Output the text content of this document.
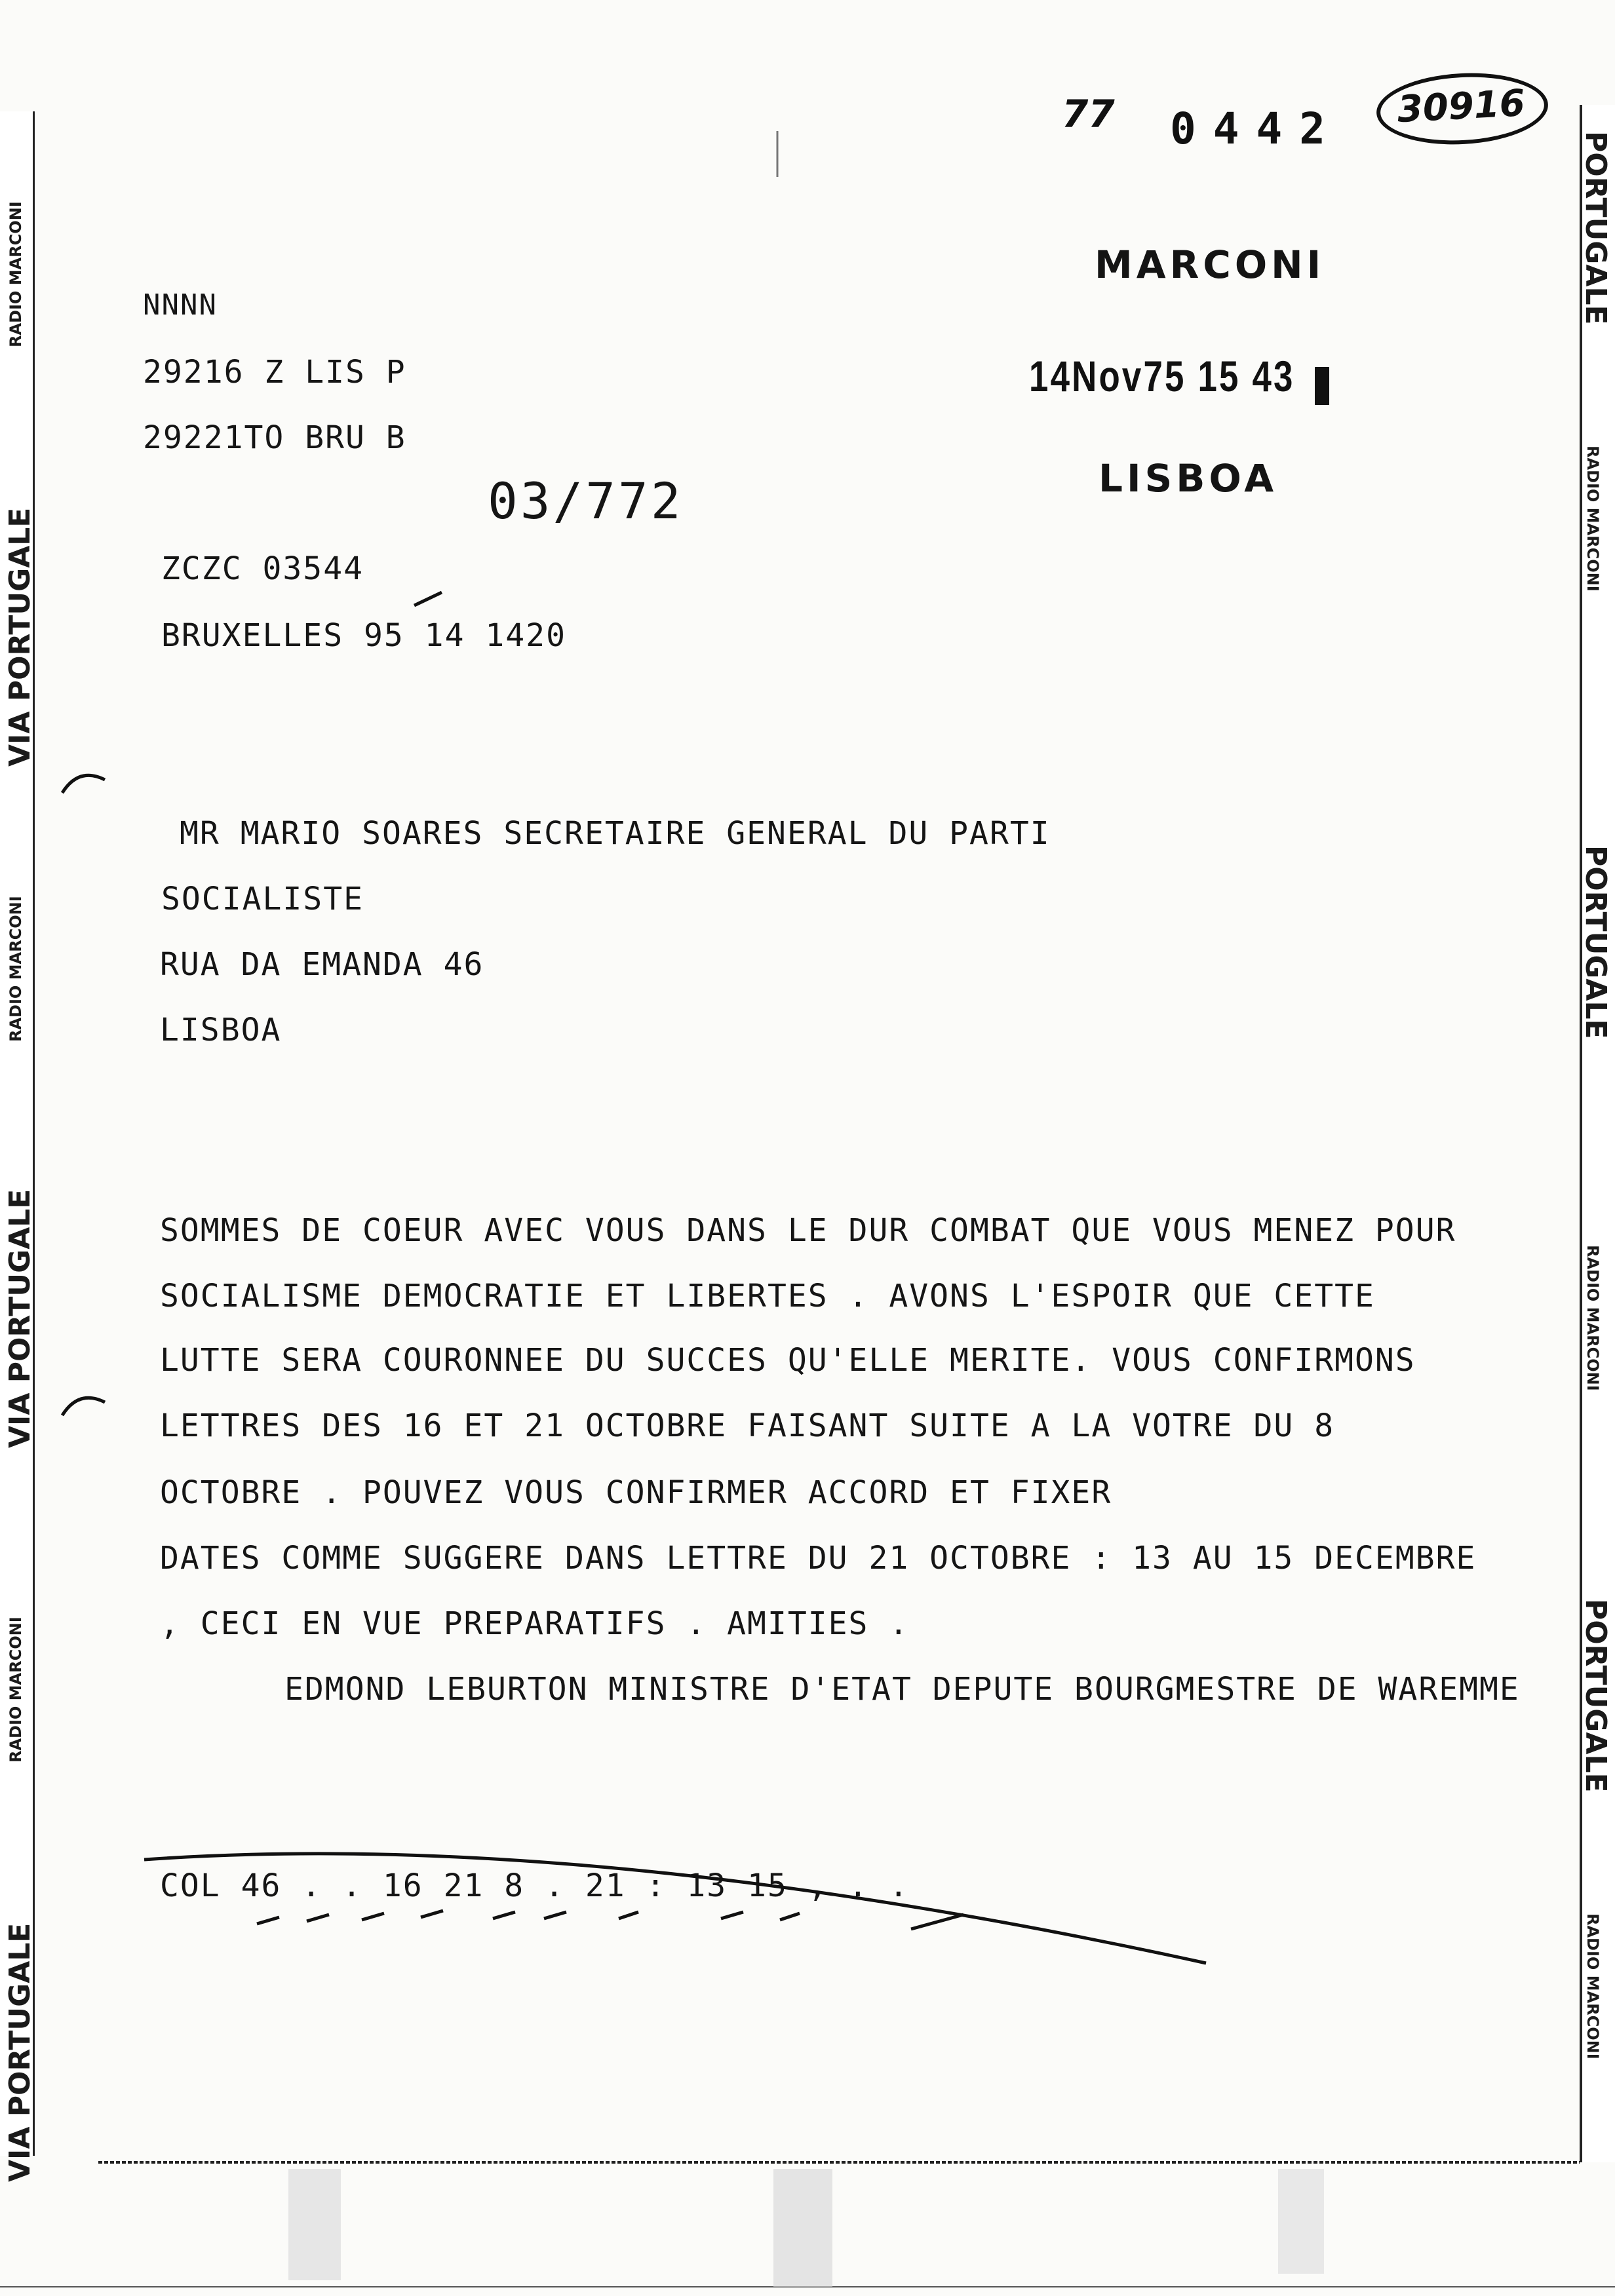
VIA PORTUGALE
RADIO MARCONI
RADIO MARCONI
VIA PORTUGALE
RADIO MARCONI
VIA PORTUGALE
PORTUGALE
RADIO MARCONI
PORTUGALE
RADIO MARCONI
PORTUGALE
RADIO MARCONI
77 0442 30916
MARCONI
14Nov75 15 43
LISBOA
03/772
NNNN
29216 Z LIS P
29221TO BRU B
ZCZC 03544
BRUXELLES 95 14 1420
MR MARIO SOARES SECRETAIRE GENERAL DU PARTI
SOCIALISTE
RUA DA EMANDA 46
LISBOA
SOMMES DE COEUR AVEC VOUS DANS LE DUR COMBAT QUE VOUS MENEZ POUR
SOCIALISME DEMOCRATIE ET LIBERTES . AVONS L'ESPOIR QUE CETTE
LUTTE SERA COURONNEE DU SUCCES QU'ELLE MERITE. VOUS CONFIRMONS
LETTRES DES 16 ET 21 OCTOBRE FAISANT SUITE A LA VOTRE DU 8
OCTOBRE . POUVEZ VOUS CONFIRMER ACCORD ET FIXER
DATES COMME SUGGERE DANS LETTRE DU 21 OCTOBRE : 13 AU 15 DECEMBRE
, CECI EN VUE PREPARATIFS . AMITIES .
EDMOND LEBURTON MINISTRE D'ETAT DEPUTE BOURGMESTRE DE WAREMME
COL 46 . . 16 21 8 . 21 : 13 15 , . .
